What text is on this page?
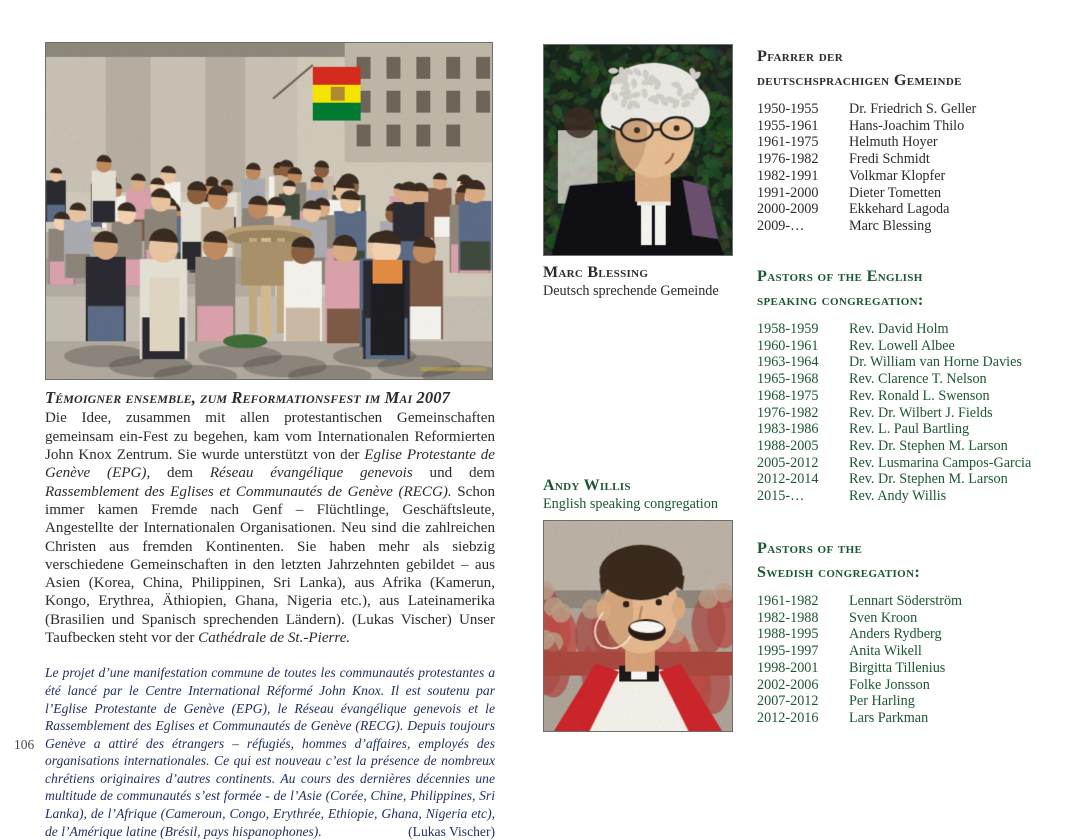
Témoigner ensemble, zum Reformationsfest im Mai 2007
Die Idee, zusammen mit allen protestantischen Gemeinschaften gemeinsam ein-Fest zu begehen, kam vom Internationalen Reformierten John Knox Zentrum. Sie wurde unterstützt von der Eglise Protestante de Genève (EPG), dem Réseau évangélique genevois und dem Rassemblement des Eglises et Communautés de Genève (RECG). Schon immer kamen Fremde nach Genf – Flüchtlinge, Geschäftsleute, Angestellte der Internationalen Organisationen. Neu sind die zahlreichen Christen aus fremden Kontinenten. Sie haben mehr als siebzig verschiedene Gemeinschaften in den letzten Jahrzehnten gebildet – aus Asien (Korea, China, Philippinen, Sri Lanka), aus Afrika (Kamerun, Kongo, Erythrea, Äthiopien, Ghana, Nigeria etc.), aus Lateinamerika (Brasilien und Spanisch sprechenden Ländern). (Lukas Vischer) Unser Taufbecken steht vor der Cathédrale de St.-Pierre.
Le projet d’une manifestation commune de toutes les communautés protestantes a été lancé par le Centre International Réformé John Knox. Il est soutenu par l’Eglise Protestante de Genève (EPG), le Réseau évangélique genevois et le Rassemblement des Eglises et Communautés de Genève (RECG). Depuis toujours Genève a attiré des étrangers – réfugiés, hommes d’affaires, employés des organisations internationales. Ce qui est nouveau c’est la présence de nombreux chrétiens originaires d’autres continents. Au cours des dernières décennies une multitude de communautés s’est formée - de l’Asie (Corée, Chine, Philippines, Sri Lanka), de l’Afrique (Cameroun, Congo, Erythrée, Ethiopie, Ghana, Nigeria etc), de l’Amérique latine (Brésil, pays hispanophones).	(Lukas Vischer)
106
Marc Blessing
Deutsch sprechende Gemeinde
Andy Willis
English speaking congregation
Pfarrer der
deutschsprachigen Gemeinde
1950-1955	Dr. Friedrich S. Geller
1955-1961	Hans-Joachim Thilo
1961-1975	Helmuth Hoyer
1976-1982	Fredi Schmidt
1982-1991	Volkmar Klopfer
1991-2000	Dieter Tometten
2000-2009	Ekkehard Lagoda
2009-…	Marc Blessing
Pastors of the English
speaking congregation:
1958-1959	Rev. David Holm
1960-1961	Rev. Lowell Albee
1963-1964	Dr. William van Horne Davies
1965-1968	Rev. Clarence T. Nelson
1968-1975	Rev. Ronald L. Swenson
1976-1982	Rev. Dr. Wilbert J. Fields
1983-1986	Rev. L. Paul Bartling
1988-2005	Rev. Dr. Stephen M. Larson
2005-2012	Rev. Lusmarina Campos-Garcia
2012-2014	Rev. Dr. Stephen M. Larson
2015-…	Rev. Andy Willis
Pastors of the
Swedish congregation:
1961-1982	Lennart Söderström
1982-1988	Sven Kroon
1988-1995	Anders Rydberg
1995-1997	Anita Wikell
1998-2001	Birgitta Tillenius
2002-2006	Folke Jonsson
2007-2012	Per Harling
2012-2016	Lars Parkman
